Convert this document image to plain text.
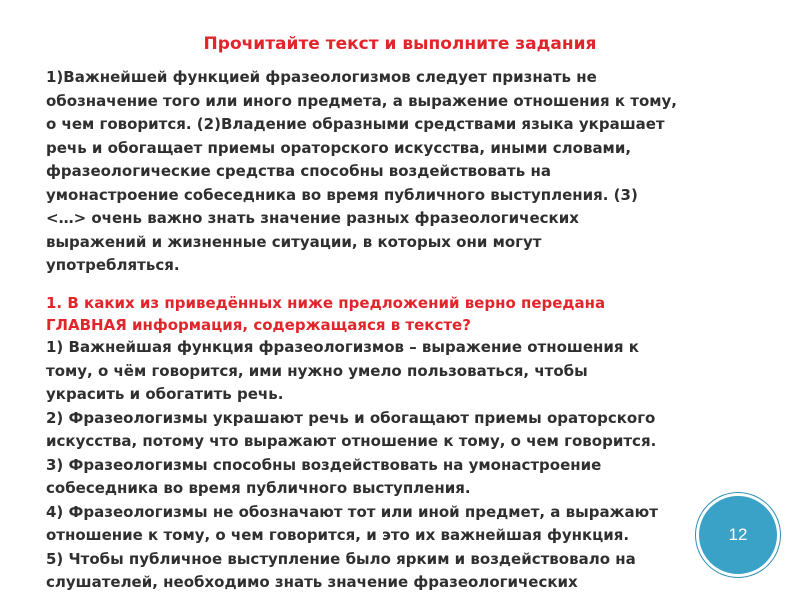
Прочитайте текст и выполните задания
1)Важнейшей функцией фразеологизмов следует признать не
обозначение того или иного предмета, а выражение отношения к тому,
о чем говорится. (2)Владение образными средствами языка украшает
речь и обогащает приемы ораторского искусства, иными словами,
фразеологические средства способны воздействовать на
умонастроение собеседника во время публичного выступления. (3)
<…> очень важно знать значение разных фразеологических
выражений и жизненные ситуации, в которых они могут
употребляться.
1. В каких из приведённых ниже предложений верно передана
ГЛАВНАЯ информация, содержащаяся в тексте?
1) Важнейшая функция фразеологизмов – выражение отношения к
тому, о чём говорится, ими нужно умело пользоваться, чтобы
украсить и обогатить речь.
2) Фразеологизмы украшают речь и обогащают приемы ораторского
искусства, потому что выражают отношение к тому, о чем говорится.
3) Фразеологизмы способны воздействовать на умонастроение
собеседника во время публичного выступления.
4) Фразеологизмы не обозначают тот или иной предмет, а выражают
отношение к тому, о чем говорится, и это их важнейшая функция.
5) Чтобы публичное выступление было ярким и воздействовало на
слушателей, необходимо знать значение фразеологических
12
